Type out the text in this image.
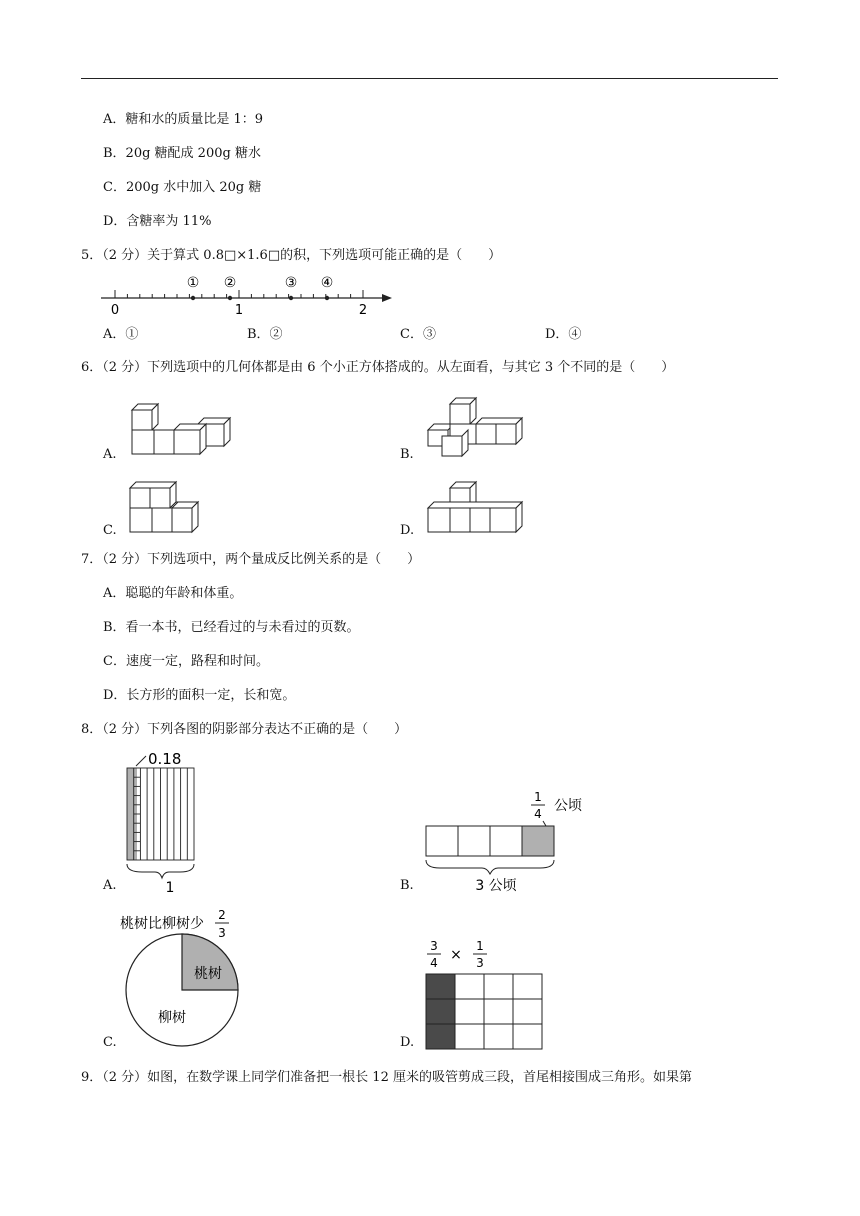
A．糖和水的质量比是 1：9
B．20g 糖配成 200g 糖水
C．200g 水中加入 20g 糖
D．含糖率为 11%
5．（2 分）关于算式 0.8□×1.6□的积，下列选项可能正确的是（　　）
0	1	2
① ②	③ ④
A．①	B．②	C．③	D．④
6．（2 分）下列选项中的几何体都是由 6 个小正方体搭成的。从左面看，与其它 3 个不同的是（　　）
A.	B.
C.	D.
7．（2 分）下列选项中，两个量成反比例关系的是（　　）
A．聪聪的年龄和体重。
B．看一本书，已经看过的与未看过的页数。
C．速度一定，路程和时间。
D．长方形的面积一定，长和宽。
8．（2 分）下列各图的阴影部分表达不正确的是（　　）
0.18
1
A.
1
4 公顷
3 公顷
B.
桃树比柳树少
2
3
桃树
柳树
C.
3
4 ×
1
3
D.
9．（2 分）如图，在数学课上同学们准备把一根长 12 厘米的吸管剪成三段，首尾相接围成三角形。如果第
